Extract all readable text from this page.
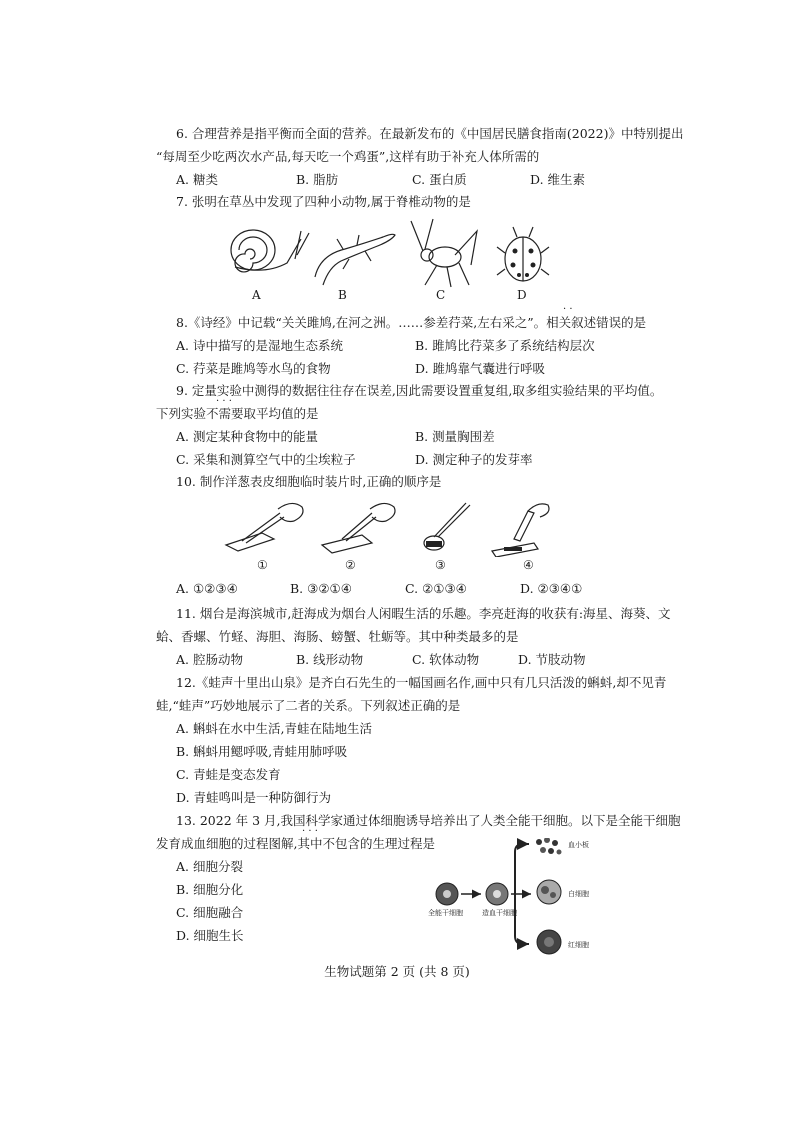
6. 合理营养是指平衡而全面的营养。在最新发布的《中国居民膳食指南(2022)》中特别提出
“每周至少吃两次水产品,每天吃一个鸡蛋”,这样有助于补充人体所需的
A. 糖类	B. 脂肪	C. 蛋白质	D. 维生素
7. 张明在草丛中发现了四种小动物,属于脊椎动物的是
A	B	C	D
8.《诗经》中记载“关关雎鸠,在河之洲。……参差荇菜,左右采之”。相关叙述错误的是
· ·
A. 诗中描写的是湿地生态系统	B. 雎鸠比荇菜多了系统结构层次
C. 荇菜是雎鸠等水鸟的食物	D. 雎鸠靠气囊进行呼吸
9. 定量实验中测得的数据往往存在误差,因此需要设置重复组,取多组实验结果的平均值。
下列实验不需要取平均值的是
· · ·
A. 测定某种食物中的能量	B. 测量胸围差
C. 采集和测算空气中的尘埃粒子	D. 测定种子的发芽率
10. 制作洋葱表皮细胞临时装片时,正确的顺序是
①	②	③	④
A. ①②③④	B. ③②①④	C. ②①③④	D. ②③④①
11. 烟台是海滨城市,赶海成为烟台人闲暇生活的乐趣。李亮赶海的收获有:海星、海葵、文
蛤、香螺、竹蛏、海胆、海肠、螃蟹、牡蛎等。其中种类最多的是
A. 腔肠动物	B. 线形动物	C. 软体动物	D. 节肢动物
12.《蛙声十里出山泉》是齐白石先生的一幅国画名作,画中只有几只活泼的蝌蚪,却不见青
蛙,“蛙声”巧妙地展示了二者的关系。下列叙述正确的是
A. 蝌蚪在水中生活,青蛙在陆地生活
B. 蝌蚪用鳃呼吸,青蛙用肺呼吸
C. 青蛙是变态发育
D. 青蛙鸣叫是一种防御行为
13. 2022 年 3 月,我国科学家通过体细胞诱导培养出了人类全能干细胞。以下是全能干细胞
发育成血细胞的过程图解,其中不包含的生理过程是
· · ·
A. 细胞分裂
B. 细胞分化
C. 细胞融合
D. 细胞生长
全能干细胞	造血干细胞
血小板
白细胞
红细胞
生物试题第 2 页 (共 8 页)
